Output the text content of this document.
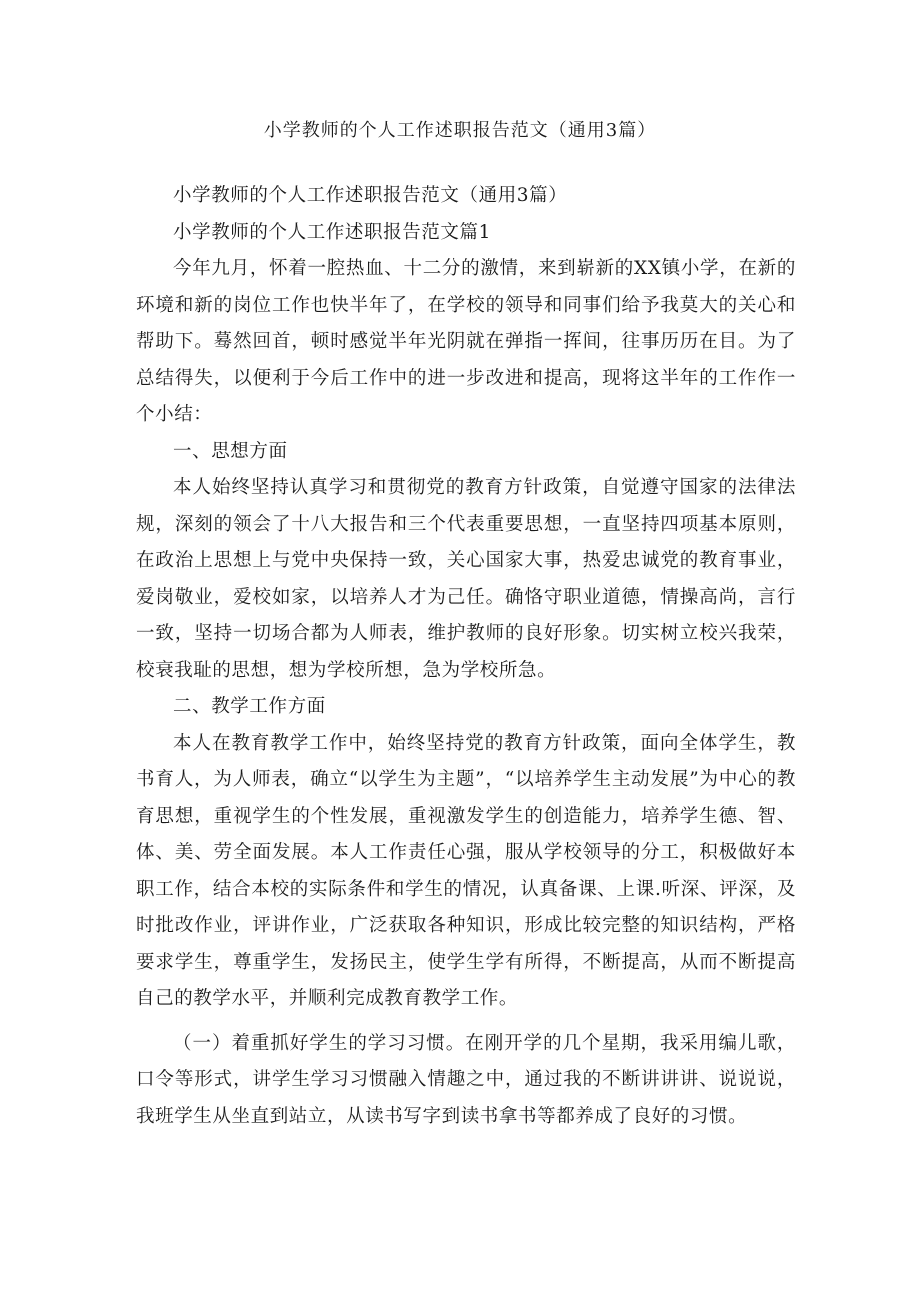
小学教师的个人工作述职报告范文（通用3篇）

小学教师的个人工作述职报告范文（通用3篇）

小学教师的个人工作述职报告范文篇1

今年九月，怀着一腔热血、十二分的激情，来到崭新的XX镇小学，在新的环境和新的岗位工作也快半年了，在学校的领导和同事们给予我莫大的关心和帮助下。蓦然回首，顿时感觉半年光阴就在弹指一挥间，往事历历在目。为了总结得失，以便利于今后工作中的进一步改进和提高，现将这半年的工作作一个小结：

一、思想方面

本人始终坚持认真学习和贯彻党的教育方针政策，自觉遵守国家的法律法规，深刻的领会了十八大报告和三个代表重要思想，一直坚持四项基本原则，在政治上思想上与党中央保持一致，关心国家大事，热爱忠诚党的教育事业，爱岗敬业，爱校如家，以培养人才为己任。确恪守职业道德，情操高尚，言行一致，坚持一切场合都为人师表，维护教师的良好形象。切实树立校兴我荣，校衰我耻的思想，想为学校所想，急为学校所急。

二、教学工作方面

本人在教育教学工作中，始终坚持党的教育方针政策，面向全体学生，教书育人，为人师表，确立“以学生为主题”，“以培养学生主动发展”为中心的教育思想，重视学生的个性发展，重视激发学生的创造能力，培养学生德、智、体、美、劳全面发展。本人工作责任心强，服从学校领导的分工，积极做好本职工作，结合本校的实际条件和学生的情况，认真备课、上课.听深、评深，及时批改作业，评讲作业，广泛获取各种知识，形成比较完整的知识结构，严格要求学生，尊重学生，发扬民主，使学生学有所得，不断提高，从而不断提高自己的教学水平，并顺利完成教育教学工作。

（一）着重抓好学生的学习习惯。在刚开学的几个星期，我采用编儿歌，口令等形式，讲学生学习习惯融入情趣之中，通过我的不断讲讲讲、说说说，我班学生从坐直到站立，从读书写字到读书拿书等都养成了良好的习惯。
